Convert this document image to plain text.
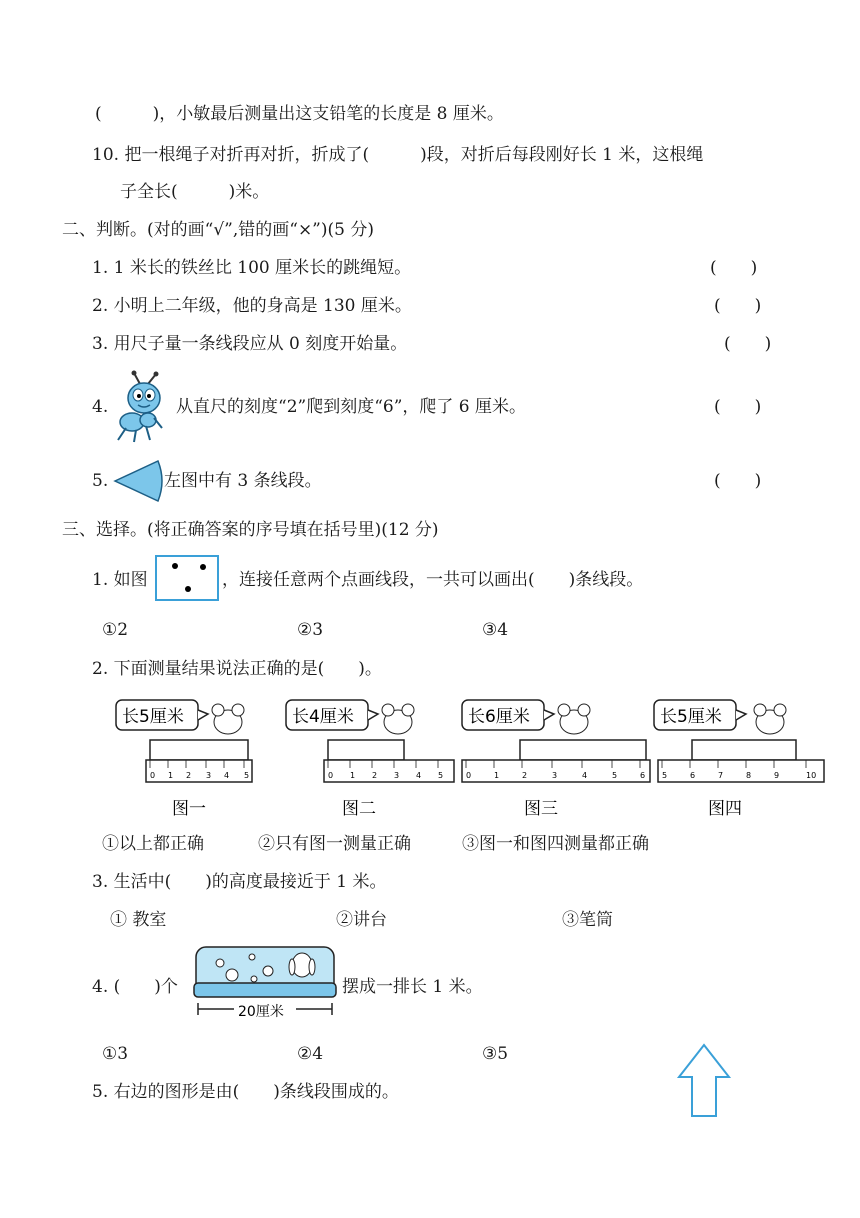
(　　　)，小敏最后测量出这支铅笔的长度是 8 厘米。
10. 把一根绳子对折再对折，折成了(　　　)段，对折后每段刚好长 1 米，这根绳
子全长(　　　)米。
二、判断。(对的画“√”,错的画“×”)(5 分)
1. 1 米长的铁丝比 100 厘米长的跳绳短。	(　　)
2. 小明上二年级，他的身高是 130 厘米。	(　　)
3. 用尺子量一条线段应从 0 刻度开始量。	(　　)
4.	从直尺的刻度“2”爬到刻度“6”，爬了 6 厘米。	(　　)
5.	左图中有 3 条线段。	(　　)
三、选择。(将正确答案的序号填在括号里)(12 分)
1. 如图	，连接任意两个点画线段，一共可以画出(　　)条线段。
①2	②3	③4
2. 下面测量结果说法正确的是(　　)。
长5厘米
0 1 2 3 4 5
图一
长4厘米
0 1 2 3 4 5
图二
长6厘米
0	1	2	3	4	5	6
图三
长5厘米
5	6	7	8	9	10
图四
①以上都正确	②只有图一测量正确	③图一和图四测量都正确
3. 生活中(　　)的高度最接近于 1 米。
① 教室	②讲台	③笔筒
4. (　　)个
20厘米
摆成一排长 1 米。
①3	②4	③5
5. 右边的图形是由(　　)条线段围成的。
